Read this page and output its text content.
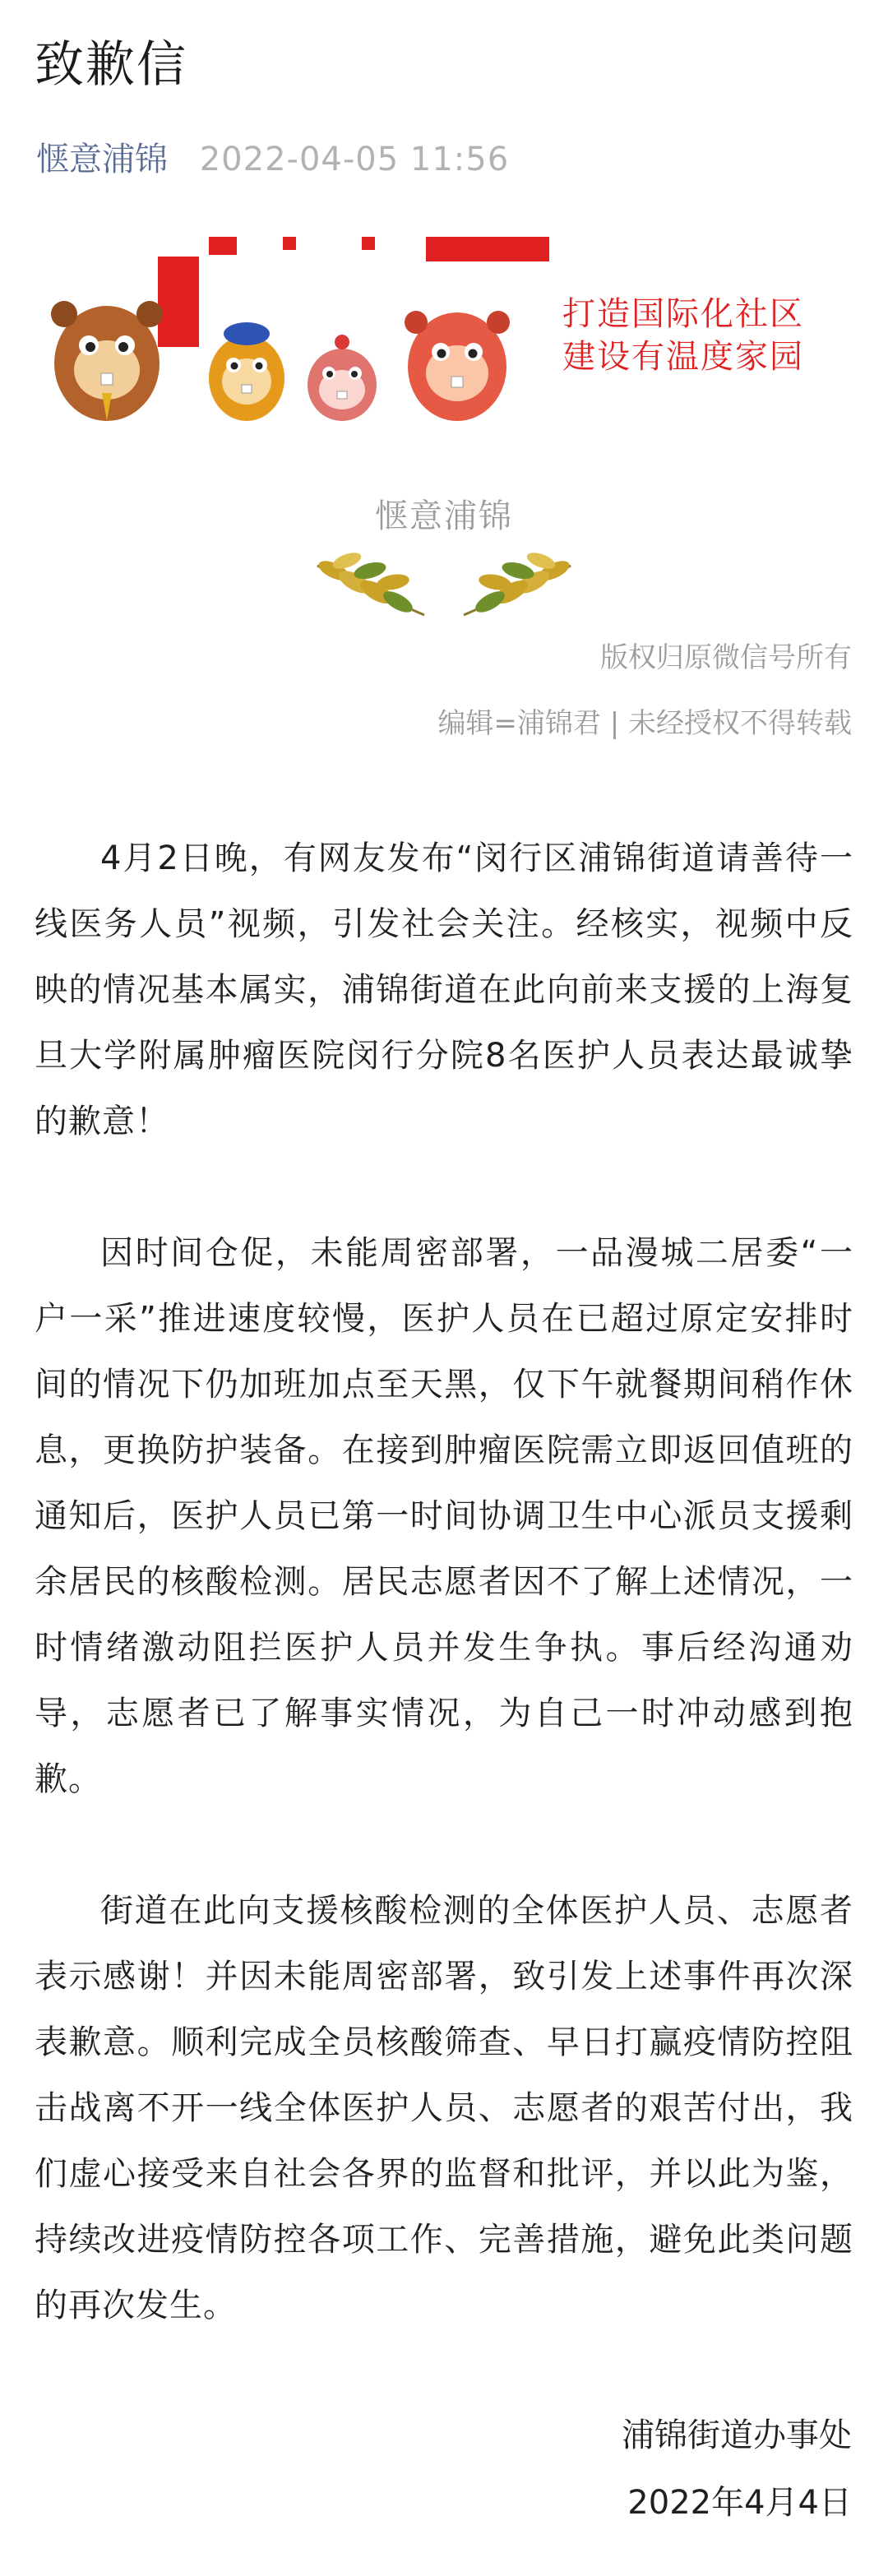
致歉信
惬意浦锦 2022-04-05 11:56
打造国际化社区
建设有温度家园
惬意浦锦
版权归原微信号所有
编辑=浦锦君 | 未经授权不得转载

4月2日晚，有网友发布“闵行区浦锦街道请善待一线医务人员”视频，引发社会关注。经核实，视频中反映的情况基本属实，浦锦街道在此向前来支援的上海复旦大学附属肿瘤医院闵行分院8名医护人员表达最诚挚的歉意！

因时间仓促，未能周密部署，一品漫城二居委“一户一采”推进速度较慢，医护人员在已超过原定安排时间的情况下仍加班加点至天黑，仅下午就餐期间稍作休息，更换防护装备。在接到肿瘤医院需立即返回值班的通知后，医护人员已第一时间协调卫生中心派员支援剩余居民的核酸检测。居民志愿者因不了解上述情况，一时情绪激动阻拦医护人员并发生争执。事后经沟通劝导，志愿者已了解事实情况，为自己一时冲动感到抱歉。

街道在此向支援核酸检测的全体医护人员、志愿者表示感谢！并因未能周密部署，致引发上述事件再次深表歉意。顺利完成全员核酸筛查、早日打赢疫情防控阻击战离不开一线全体医护人员、志愿者的艰苦付出，我们虚心接受来自社会各界的监督和批评，并以此为鉴，持续改进疫情防控各项工作、完善措施，避免此类问题的再次发生。

浦锦街道办事处
2022年4月4日
